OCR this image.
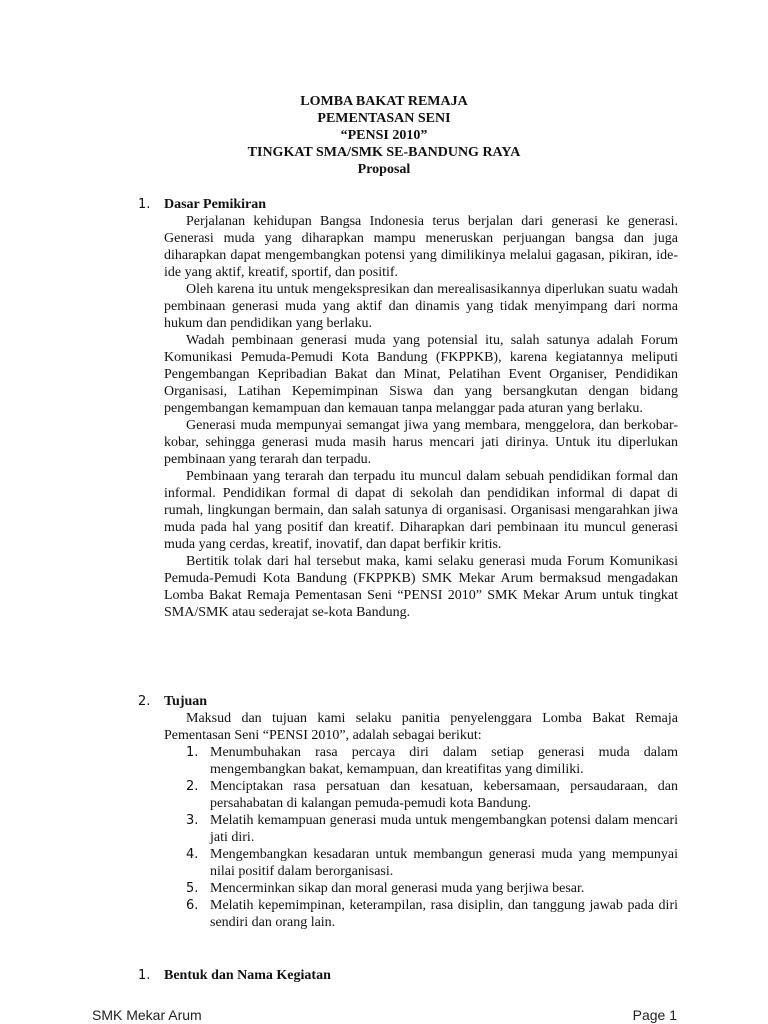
LOMBA BAKAT REMAJA
PEMENTASAN SENI
“PENSI 2010”
TINGKAT SMA/SMK SE-BANDUNG RAYA
Proposal
1. Dasar Pemikiran

Perjalanan kehidupan Bangsa Indonesia terus berjalan dari generasi ke generasi. Generasi muda yang diharapkan mampu meneruskan perjuangan bangsa dan juga diharapkan dapat mengembangkan potensi yang dimilikinya melalui gagasan, pikiran, ide-ide yang aktif, kreatif, sportif, dan positif.

Oleh karena itu untuk mengekspresikan dan merealisasikannya diperlukan suatu wadah pembinaan generasi muda yang aktif dan dinamis yang tidak menyimpang dari norma hukum dan pendidikan yang berlaku.

Wadah pembinaan generasi muda yang potensial itu, salah satunya adalah Forum Komunikasi Pemuda-Pemudi Kota Bandung (FKPPKB), karena kegiatannya meliputi Pengembangan Kepribadian Bakat dan Minat, Pelatihan Event Organiser, Pendidikan Organisasi, Latihan Kepemimpinan Siswa dan yang bersangkutan dengan bidang pengembangan kemampuan dan kemauan tanpa melanggar pada aturan yang berlaku.

Generasi muda mempunyai semangat jiwa yang membara, menggelora, dan berkobar-kobar, sehingga generasi muda masih harus mencari jati dirinya. Untuk itu diperlukan pembinaan yang terarah dan terpadu.

Pembinaan yang terarah dan terpadu itu muncul dalam sebuah pendidikan formal dan informal. Pendidikan formal di dapat di sekolah dan pendidikan informal di dapat di rumah, lingkungan bermain, dan salah satunya di organisasi. Organisasi mengarahkan jiwa muda pada hal yang positif dan kreatif. Diharapkan dari pembinaan itu muncul generasi muda yang cerdas, kreatif, inovatif, dan dapat berfikir kritis.

Bertitik tolak dari hal tersebut maka, kami selaku generasi muda Forum Komunikasi Pemuda-Pemudi Kota Bandung (FKPPKB) SMK Mekar Arum bermaksud mengadakan Lomba Bakat Remaja Pementasan Seni “PENSI 2010” SMK Mekar Arum untuk tingkat SMA/SMK atau sederajat se-kota Bandung.

2. Tujuan

Maksud dan tujuan kami selaku panitia penyelenggara Lomba Bakat Remaja Pementasan Seni “PENSI 2010”, adalah sebagai berikut:

1. Menumbuhakan rasa percaya diri dalam setiap generasi muda dalam mengembangkan bakat, kemampuan, dan kreatifitas yang dimiliki.
2. Menciptakan rasa persatuan dan kesatuan, kebersamaan, persaudaraan, dan persahabatan di kalangan pemuda-pemudi kota Bandung.
3. Melatih kemampuan generasi muda untuk mengembangkan potensi dalam mencari jati diri.
4. Mengembangkan kesadaran untuk membangun generasi muda yang mempunyai nilai positif dalam berorganisasi.
5. Mencerminkan sikap dan moral generasi muda yang berjiwa besar.
6. Melatih kepemimpinan, keterampilan, rasa disiplin, dan tanggung jawab pada diri sendiri dan orang lain.
1. Bentuk dan Nama Kegiatan
SMK Mekar Arum	Page 1
